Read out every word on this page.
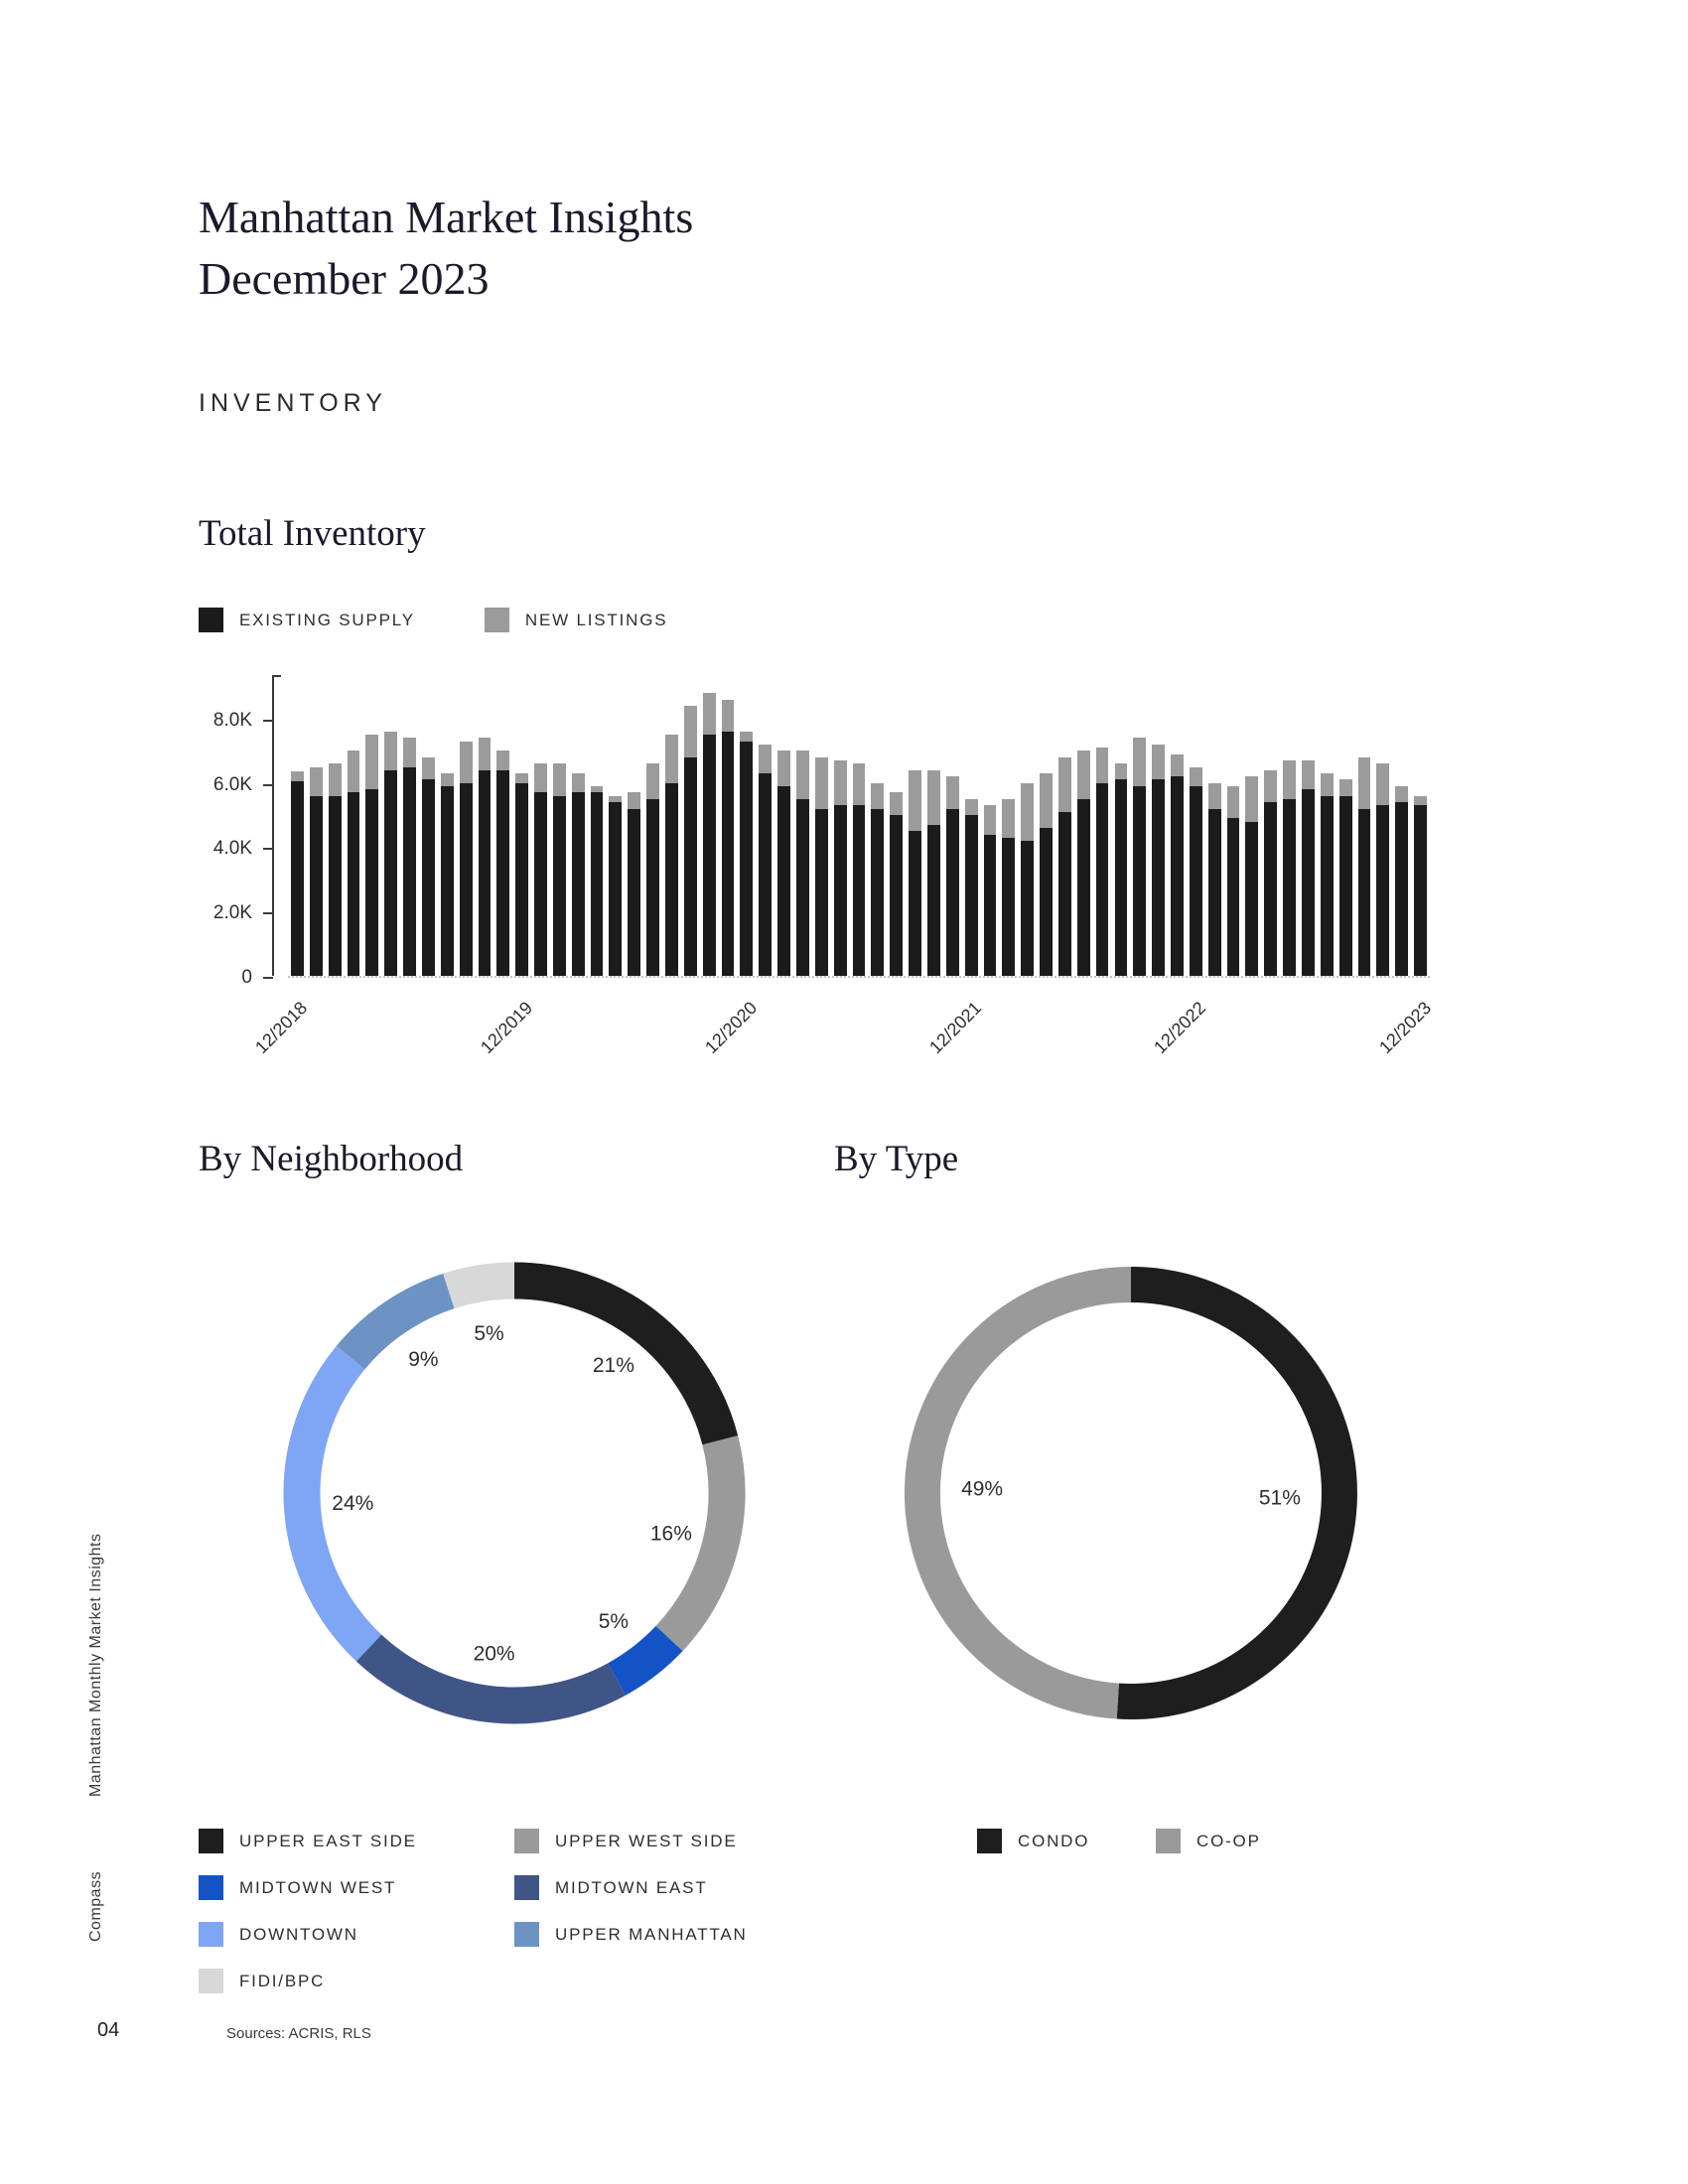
Manhattan Market Insights
December 2023
INVENTORY
Total Inventory
EXISTING SUPPLY	NEW LISTINGS
0
2.0K
4.0K
6.0K
8.0K
12/2018	12/2019	12/2020	12/2021	12/2022	12/2023
By Neighborhood	By Type
21%
16%
5%
20%
24%
9%
5%
51%
49%
UPPER EAST SIDE	UPPER WEST SIDE
MIDTOWN WEST	MIDTOWN EAST
DOWNTOWN	UPPER MANHATTAN
FIDI/BPC
CONDO	CO-OP
Manhattan Monthly Market Insights
Compass
04	Sources: ACRIS, RLS
